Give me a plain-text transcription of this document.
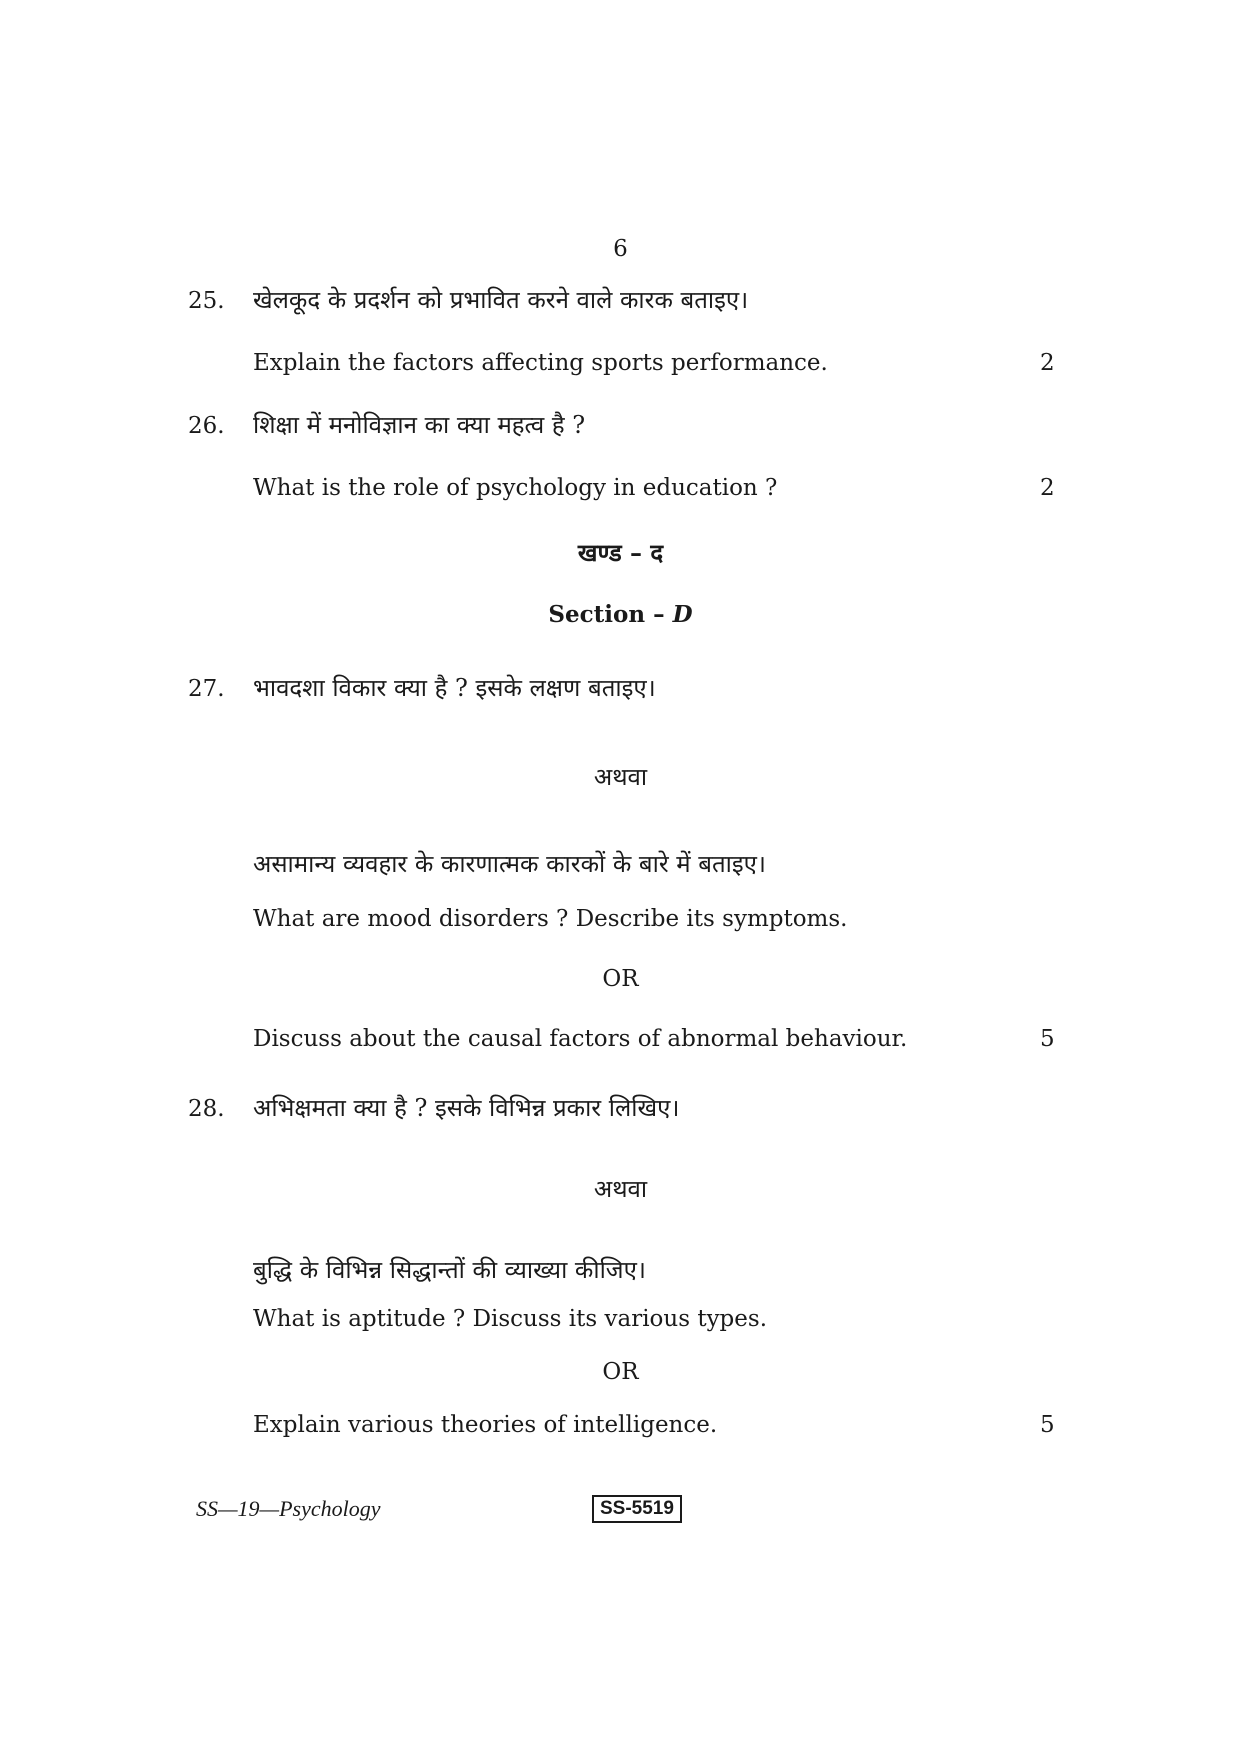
6
25. खेलकूद के प्रदर्शन को प्रभावित करने वाले कारक बताइए।
Explain the factors affecting sports performance.	2
26. शिक्षा में मनोविज्ञान का क्या महत्व है ?
What is the role of psychology in education ?	2
खण्ड – द
Section – D
27. भावदशा विकार क्या है ? इसके लक्षण बताइए।
अथवा
असामान्य व्यवहार के कारणात्मक कारकों के बारे में बताइए।
What are mood disorders ? Describe its symptoms.
OR
Discuss about the causal factors of abnormal behaviour.	5
28. अभिक्षमता क्या है ? इसके विभिन्न प्रकार लिखिए।
अथवा
बुद्धि के विभिन्न सिद्धान्तों की व्याख्या कीजिए।
What is aptitude ? Discuss its various types.
OR
Explain various theories of intelligence.	5
SS—19—Psychology	SS-5519
